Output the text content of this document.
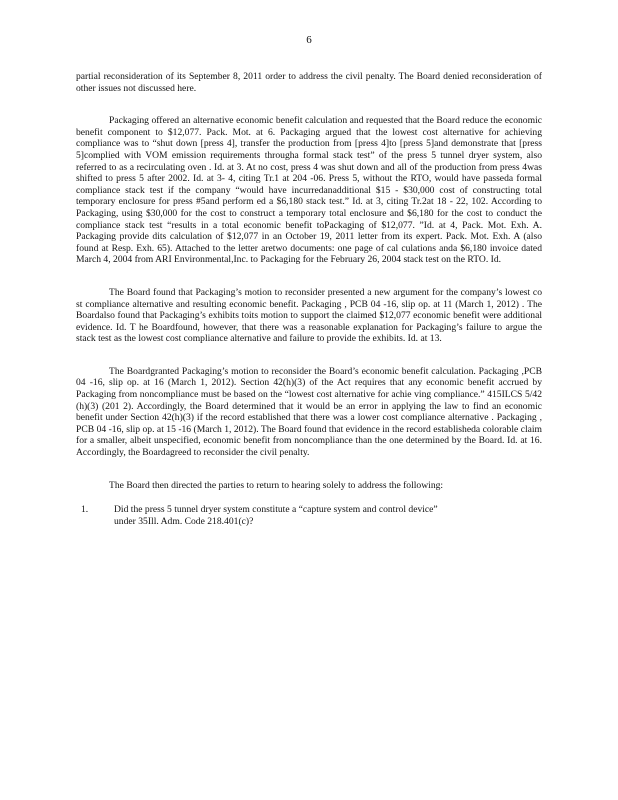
6

partial reconsideration of its September 8, 2011 order to address the civil penalty. The Board denied reconsideration of other issues not discussed here.

Packaging offered an alternative economic benefit calculation and requested that the Board reduce the economic benefit component to $12,077. Pack. Mot. at 6. Packaging argued that the lowest cost alternative for achieving compliance was to “shut down [press 4], transfer the production from [press 4]to [press 5]and demonstrate that [press 5]complied with VOM emission requirements througha formal stack test” of the press 5 tunnel dryer system, also referred to as a recirculating oven . Id. at 3. At no cost, press 4 was shut down and all of the production from press 4was shifted to press 5 after 2002. Id. at 3- 4, citing Tr.1 at 204 -06. Press 5, without the RTO, would have passeda formal compliance stack test if the company “would have incurredanadditional $15 - $30,000 cost of constructing total temporary enclosure for press #5and perform ed a $6,180 stack test.” Id. at 3, citing Tr.2at 18 - 22, 102. According to Packaging, using $30,000 for the cost to construct a temporary total enclosure and $6,180 for the cost to conduct the compliance stack test “results in a total economic benefit toPackaging of $12,077. ”Id. at 4, Pack. Mot. Exh. A. Packaging provide dits calculation of $12,077 in an October 19, 2011 letter from its expert. Pack. Mot. Exh. A (also found at Resp. Exh. 65). Attached to the letter aretwo documents: one page of cal culations anda $6,180 invoice dated March 4, 2004 from ARI Environmental,Inc. to Packaging for the February 26, 2004 stack test on the RTO. Id.

The Board found that Packaging’s motion to reconsider presented a new argument for the company’s lowest co st compliance alternative and resulting economic benefit. Packaging , PCB 04 -16, slip op. at 11 (March 1, 2012) . The Boardalso found that Packaging’s exhibits toits motion to support the claimed $12,077 economic benefit were additional evidence. Id. T he Boardfound, however, that there was a reasonable explanation for Packaging’s failure to argue the stack test as the lowest cost compliance alternative and failure to provide the exhibits. Id. at 13.

The Boardgranted Packaging’s motion to reconsider the Board’s economic benefit calculation. Packaging ,PCB 04 -16, slip op. at 16 (March 1, 2012). Section 42(h)(3) of the Act requires that any economic benefit accrued by Packaging from noncompliance must be based on the “lowest cost alternative for achie ving compliance.” 415ILCS 5/42 (h)(3) (201 2). Accordingly, the Board determined that it would be an error in applying the law to find an economic benefit under Section 42(h)(3) if the record established that there was a lower cost compliance alternative . Packaging , PCB 04 -16, slip op. at 15 -16 (March 1, 2012). The Board found that evidence in the record establisheda colorable claim for a smaller, albeit unspecified, economic benefit from noncompliance than the one determined by the Board. Id. at 16. Accordingly, the Boardagreed to reconsider the civil penalty.

The Board then directed the parties to return to hearing solely to address the following:

1.	Did the press 5 tunnel dryer system constitute a “capture system and control device” under 35Ill. Adm. Code 218.401(c)?
